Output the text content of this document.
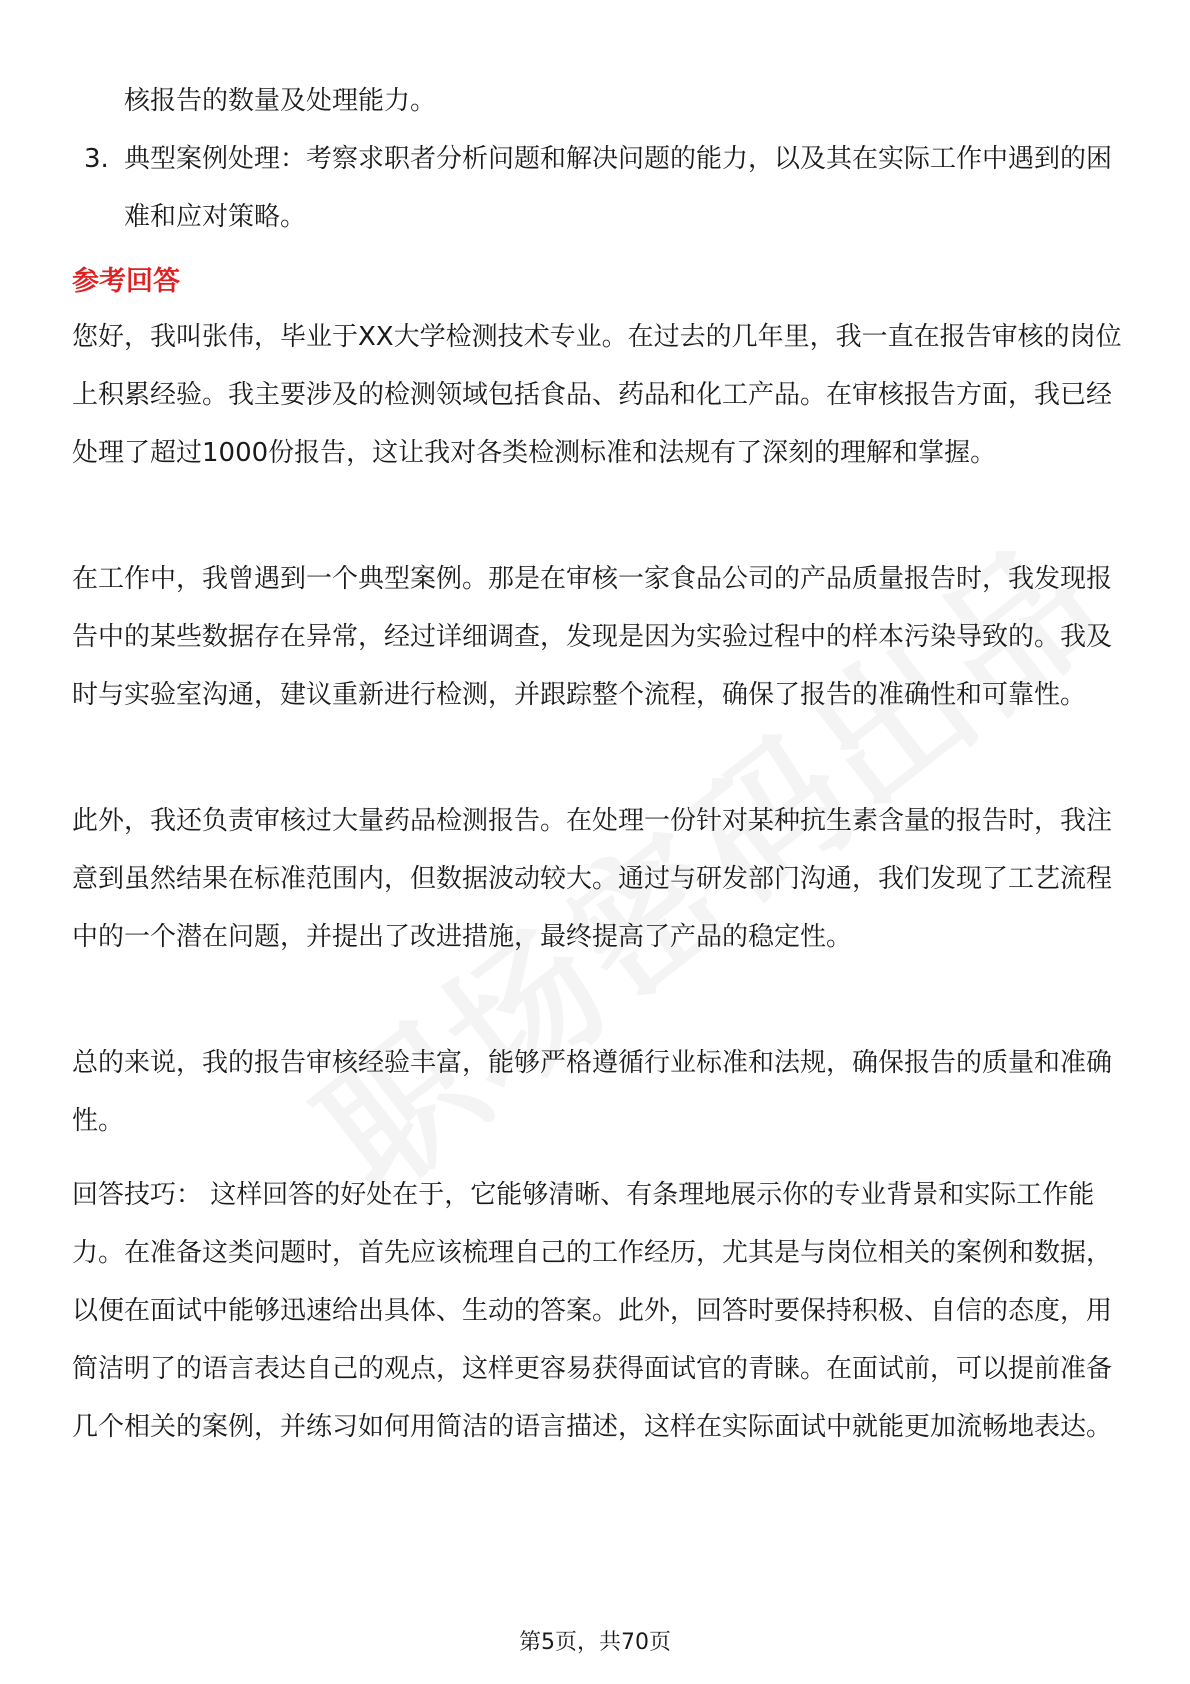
核报告的数量及处理能力。
3. 典型案例处理：考察求职者分析问题和解决问题的能力，以及其在实际工作中遇到的困难和应对策略。
参考回答

您好，我叫张伟，毕业于XX大学检测技术专业。在过去的几年里，我一直在报告审核的岗位上积累经验。我主要涉及的检测领域包括食品、药品和化工产品。在审核报告方面，我已经处理了超过1000份报告，这让我对各类检测标准和法规有了深刻的理解和掌握。

在工作中，我曾遇到一个典型案例。那是在审核一家食品公司的产品质量报告时，我发现报告中的某些数据存在异常，经过详细调查，发现是因为实验过程中的样本污染导致的。我及时与实验室沟通，建议重新进行检测，并跟踪整个流程，确保了报告的准确性和可靠性。

此外，我还负责审核过大量药品检测报告。在处理一份针对某种抗生素含量的报告时，我注意到虽然结果在标准范围内，但数据波动较大。通过与研发部门沟通，我们发现了工艺流程中的一个潜在问题，并提出了改进措施，最终提高了产品的稳定性。

总的来说，我的报告审核经验丰富，能够严格遵循行业标准和法规，确保报告的质量和准确性。

回答技巧： 这样回答的好处在于，它能够清晰、有条理地展示你的专业背景和实际工作能力。在准备这类问题时，首先应该梳理自己的工作经历，尤其是与岗位相关的案例和数据，以便在面试中能够迅速给出具体、生动的答案。此外，回答时要保持积极、自信的态度，用简洁明了的语言表达自己的观点，这样更容易获得面试官的青睐。在面试前，可以提前准备几个相关的案例，并练习如何用简洁的语言描述，这样在实际面试中就能更加流畅地表达。

第5页，共70页
